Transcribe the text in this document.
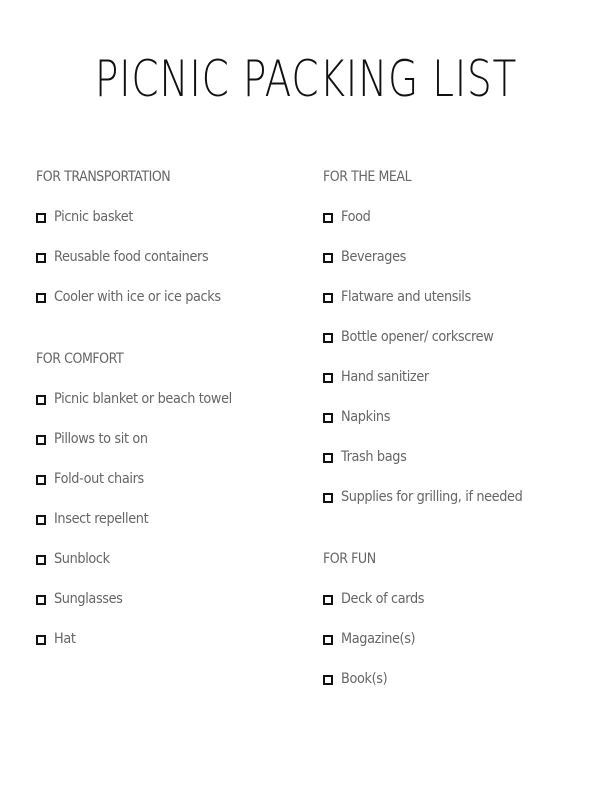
PICNIC PACKING LIST
FOR TRANSPORTATION
Picnic basket
Reusable food containers
Cooler with ice or ice packs
FOR COMFORT
Picnic blanket or beach towel
Pillows to sit on
Fold-out chairs
Insect repellent
Sunblock
Sunglasses
Hat
FOR THE MEAL
Food
Beverages
Flatware and utensils
Bottle opener/ corkscrew
Hand sanitizer
Napkins
Trash bags
Supplies for grilling, if needed
FOR FUN
Deck of cards
Magazine(s)
Book(s)
